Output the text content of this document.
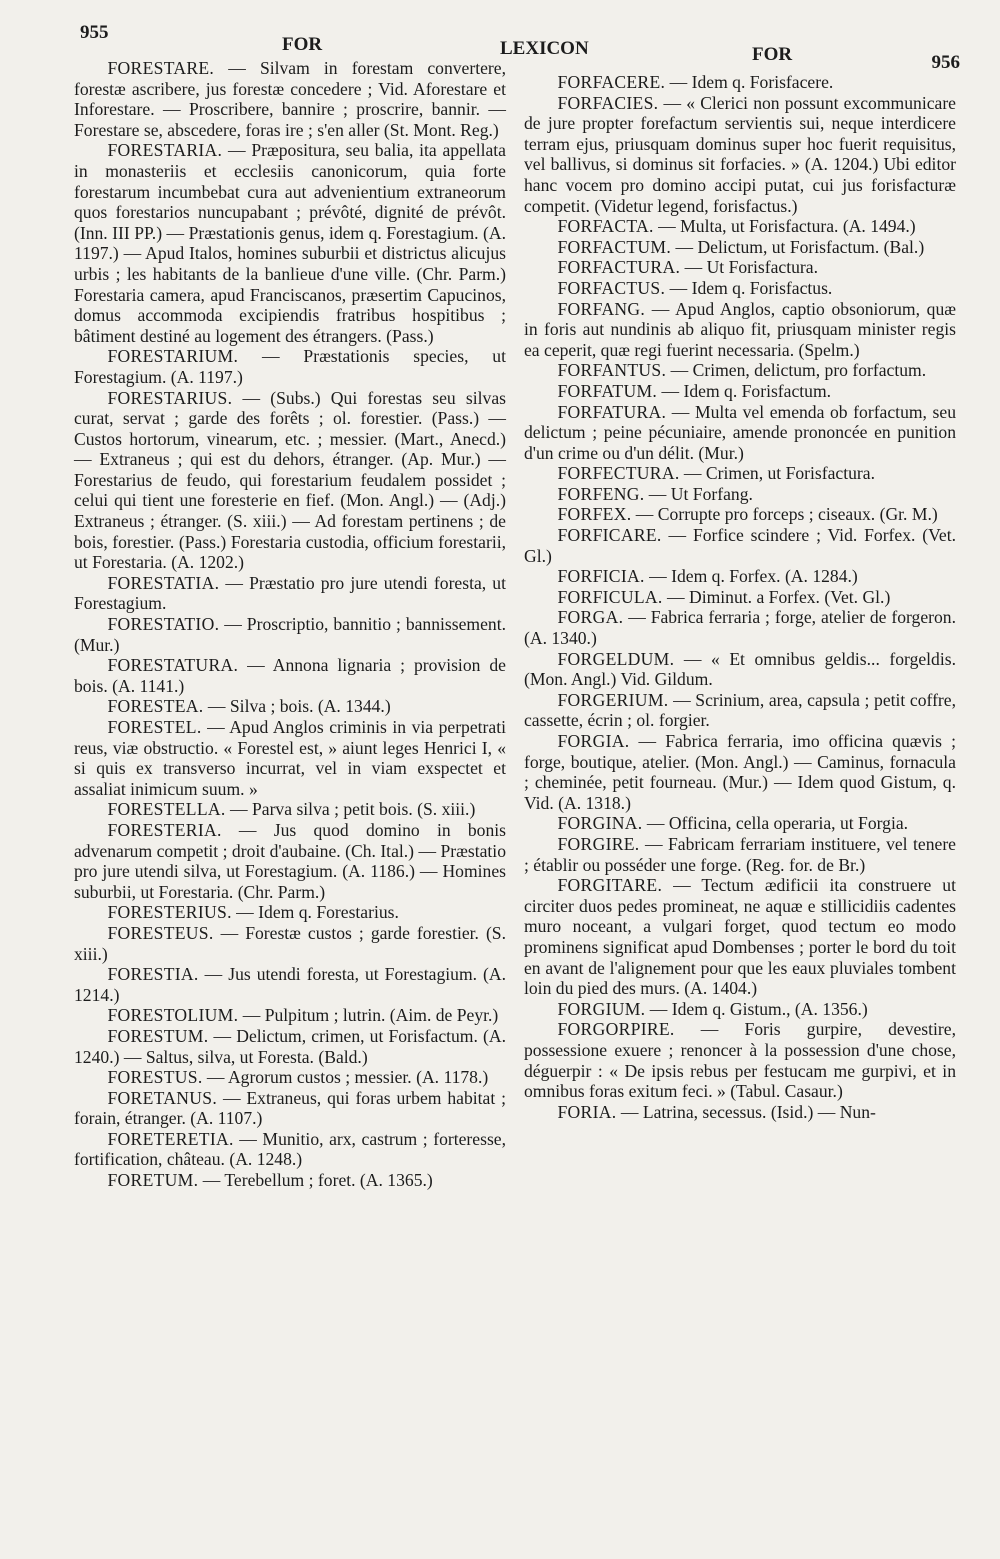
955
FOR	LEXICON	FOR	956

FORESTARE. — Silvam in forestam convertere, forestæ ascribere, jus forestæ concedere ; Vid. Aforestare et Inforestare. — Proscribere, bannire ; proscrire, bannir. — Forestare se, abscedere, foras ire ; s'en aller (St. Mont. Reg.)

FORESTARIA. — Præpositura, seu balia, ita appellata in monasteriis et ecclesiis canonicorum, quia forte forestarum incumbebat cura aut advenientium extraneorum quos forestarios nuncupabant ; prévôté, dignité de prévôt. (Inn. III PP.) — Præstationis genus, idem q. Forestagium. (A. 1197.) — Apud Italos, homines suburbii et districtus alicujus urbis ; les habitants de la banlieue d'une ville. (Chr. Parm.) Forestaria camera, apud Franciscanos, præsertim Capucinos, domus accommoda excipiendis fratribus hospitibus ; bâtiment destiné au logement des étrangers. (Pass.)

FORESTARIUM. — Præstationis species, ut Forestagium. (A. 1197.)

FORESTARIUS. — (Subs.) Qui forestas seu silvas curat, servat ; garde des forêts ; ol. forestier. (Pass.) — Custos hortorum, vinearum, etc. ; messier. (Mart., Anecd.) — Extraneus ; qui est du dehors, étranger. (Ap. Mur.) — Forestarius de feudo, qui forestarium feudalem possidet ; celui qui tient une foresterie en fief. (Mon. Angl.) — (Adj.) Extraneus ; étranger. (S. xiii.) — Ad forestam pertinens ; de bois, forestier. (Pass.) Forestaria custodia, officium forestarii, ut Forestaria. (A. 1202.)

FORESTATIA. — Præstatio pro jure utendi foresta, ut Forestagium.

FORESTATIO. — Proscriptio, bannitio ; bannissement. (Mur.)

FORESTATURA. — Annona lignaria ; provision de bois. (A. 1141.)

FORESTEA. — Silva ; bois. (A. 1344.)

FORESTEL. — Apud Anglos criminis in via perpetrati reus, viæ obstructio. « Forestel est, » aiunt leges Henrici I, « si quis ex transverso incurrat, vel in viam exspectet et assaliat inimicum suum. »

FORESTELLA. — Parva silva ; petit bois. (S. xiii.)

FORESTERIA. — Jus quod domino in bonis advenarum competit ; droit d'aubaine. (Ch. Ital.) — Præstatio pro jure utendi silva, ut Forestagium. (A. 1186.) — Homines suburbii, ut Forestaria. (Chr. Parm.)

FORESTERIUS. — Idem q. Forestarius.

FORESTEUS. — Forestæ custos ; garde forestier. (S. xiii.)

FORESTIA. — Jus utendi foresta, ut Forestagium. (A. 1214.)

FORESTOLIUM. — Pulpitum ; lutrin. (Aim. de Peyr.)

FORESTUM. — Delictum, crimen, ut Forisfactum. (A. 1240.) — Saltus, silva, ut Foresta. (Bald.)

FORESTUS. — Agrorum custos ; messier. (A. 1178.)

FORETANUS. — Extraneus, qui foras urbem habitat ; forain, étranger. (A. 1107.)

FORETERETIA. — Munitio, arx, castrum ; forteresse, fortification, château. (A. 1248.)

FORETUM. — Terebellum ; foret. (A. 1365.)

FORFACERE. — Idem q. Forisfacere.

FORFACIES. — « Clerici non possunt excommunicare de jure propter forefactum servientis sui, neque interdicere terram ejus, priusquam dominus super hoc fuerit requisitus, vel ballivus, si dominus sit forfacies. » (A. 1204.) Ubi editor hanc vocem pro domino accipi putat, cui jus forisfacturæ competit. (Videtur legend, forisfactus.)

FORFACTA. — Multa, ut Forisfactura. (A. 1494.)

FORFACTUM. — Delictum, ut Forisfactum. (Bal.)

FORFACTURA. — Ut Forisfactura.

FORFACTUS. — Idem q. Forisfactus.

FORFANG. — Apud Anglos, captio obsoniorum, quæ in foris aut nundinis ab aliquo fit, priusquam minister regis ea ceperit, quæ regi fuerint necessaria. (Spelm.)

FORFANTUS. — Crimen, delictum, pro forfactum.

FORFATUM. — Idem q. Forisfactum.

FORFATURA. — Multa vel emenda ob forfactum, seu delictum ; peine pécuniaire, amende prononcée en punition d'un crime ou d'un délit. (Mur.)

FORFECTURA. — Crimen, ut Forisfactura.

FORFENG. — Ut Forfang.

FORFEX. — Corrupte pro forceps ; ciseaux. (Gr. M.)

FORFICARE. — Forfice scindere ; Vid. Forfex. (Vet. Gl.)

FORFICIA. — Idem q. Forfex. (A. 1284.)

FORFICULA. — Diminut. a Forfex. (Vet. Gl.)

FORGA. — Fabrica ferraria ; forge, atelier de forgeron. (A. 1340.)

FORGELDUM. — « Et omnibus geldis... forgeldis. (Mon. Angl.) Vid. Gildum.

FORGERIUM. — Scrinium, area, capsula ; petit coffre, cassette, écrin ; ol. forgier.

FORGIA. — Fabrica ferraria, imo officina quævis ; forge, boutique, atelier. (Mon. Angl.) — Caminus, fornacula ; cheminée, petit fourneau. (Mur.) — Idem quod Gistum, q. Vid. (A. 1318.)

FORGINA. — Officina, cella operaria, ut Forgia.

FORGIRE. — Fabricam ferrariam instituere, vel tenere ; établir ou posséder une forge. (Reg. for. de Br.)

FORGITARE. — Tectum ædificii ita construere ut circiter duos pedes promineat, ne aquæ e stillicidiis cadentes muro noceant, a vulgari forget, quod tectum eo modo prominens significat apud Dombenses ; porter le bord du toit en avant de l'alignement pour que les eaux pluviales tombent loin du pied des murs. (A. 1404.)

FORGIUM. — Idem q. Gistum., (A. 1356.)

FORGORPIRE. — Foris gurpire, devestire, possessione exuere ; renoncer à la possession d'une chose, déguerpir : « De ipsis rebus per festucam me gurpivi, et in omnibus foras exitum feci. » (Tabul. Casaur.)

FORIA. — Latrina, secessus. (Isid.) — Nun-
